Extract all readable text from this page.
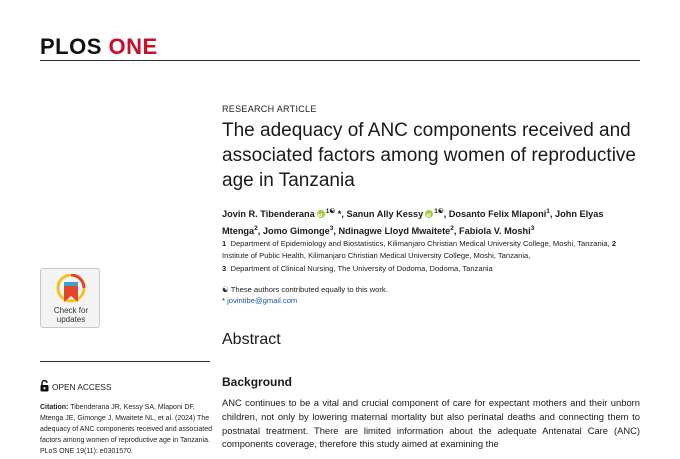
PLOS ONE
RESEARCH ARTICLE
The adequacy of ANC components received and associated factors among women of reproductive age in Tanzania
Jovin R. Tibenderana id $^{1☯}$ *, Sanun Ally Kessy id $^{1☯}$, Dosanto Felix Mlaponi$^1$, John Elyas Mtenga$^2$, Jomo Gimonge$^3$, Ndinagwe Lloyd Mwaitete$^2$, Fabiola V. Moshi$^3$
1 Department of Epidemiology and Biostatistics, Kilimanjaro Christian Medical University College, Moshi, Tanzania, 2  Institute of Public Health, Kilimanjaro Christian Medical University College, Moshi, Tanzania,
3 Department of Clinical Nursing, The University of Dodoma, Dodoma, Tanzania
☯ These authors contributed equally to this work.
* jovintibe@gmail.com
Abstract
Background
ANC continues to be a vital and crucial component of care for expectant mothers and their unborn children, not only by lowering maternal mortality but also perinatal deaths and connecting them to postnatal treatment. There are limited information about the adequate Antenatal Care (ANC) components coverage, therefore this study aimed at examining the
Check for
updates
OPEN ACCESS
Citation: Tibenderana JR, Kessy SA, Mlaponi DF, Mtenga JE, Gimonge J, Mwaitete NL, et al. (2024) The adequacy of ANC components received and associated factors among women of reproductive age in Tanzania. PLoS ONE 19(11): e0301570.
